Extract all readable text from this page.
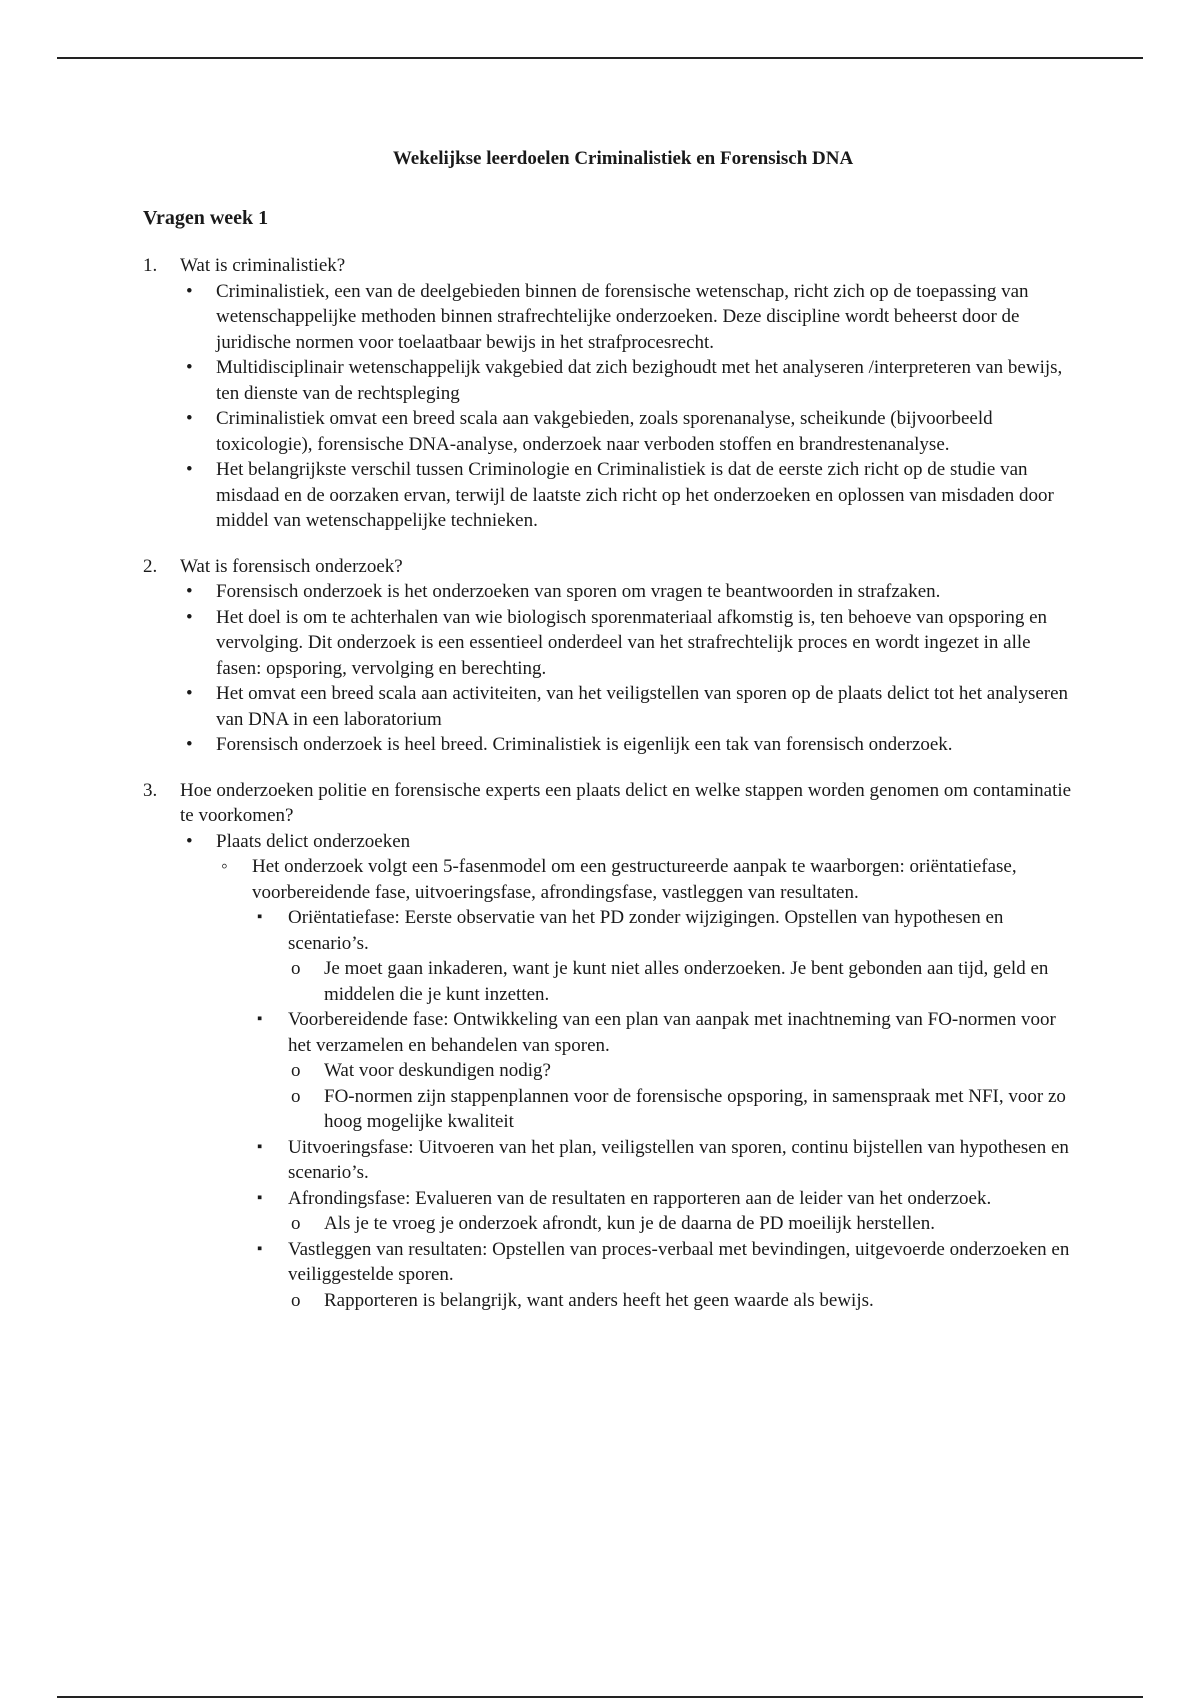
Wekelijkse leerdoelen Criminalistiek en Forensisch DNA
Vragen week 1
1. Wat is criminalistiek?
• Criminalistiek, een van de deelgebieden binnen de forensische wetenschap, richt zich op de toepassing van wetenschappelijke methoden binnen strafrechtelijke onderzoeken. Deze discipline wordt beheerst door de juridische normen voor toelaatbaar bewijs in het strafprocesrecht.
• Multidisciplinair wetenschappelijk vakgebied dat zich bezighoudt met het analyseren /interpreteren van bewijs, ten dienste van de rechtspleging
• Criminalistiek omvat een breed scala aan vakgebieden, zoals sporenanalyse, scheikunde (bijvoorbeeld toxicologie), forensische DNA-analyse, onderzoek naar verboden stoffen en brandrestenanalyse.
• Het belangrijkste verschil tussen Criminologie en Criminalistiek is dat de eerste zich richt op de studie van misdaad en de oorzaken ervan, terwijl de laatste zich richt op het onderzoeken en oplossen van misdaden door middel van wetenschappelijke technieken.
2. Wat is forensisch onderzoek?
• Forensisch onderzoek is het onderzoeken van sporen om vragen te beantwoorden in strafzaken.
• Het doel is om te achterhalen van wie biologisch sporenmateriaal afkomstig is, ten behoeve van opsporing en vervolging. Dit onderzoek is een essentieel onderdeel van het strafrechtelijk proces en wordt ingezet in alle fasen: opsporing, vervolging en berechting.
• Het omvat een breed scala aan activiteiten, van het veiligstellen van sporen op de plaats delict tot het analyseren van DNA in een laboratorium
• Forensisch onderzoek is heel breed. Criminalistiek is eigenlijk een tak van forensisch onderzoek.
3. Hoe onderzoeken politie en forensische experts een plaats delict en welke stappen worden genomen om contaminatie te voorkomen?
• Plaats delict onderzoeken
◦ Het onderzoek volgt een 5-fasenmodel om een gestructureerde aanpak te waarborgen: oriëntatiefase, voorbereidende fase, uitvoeringsfase, afrondingsfase, vastleggen van resultaten.
▪ Oriëntatiefase: Eerste observatie van het PD zonder wijzigingen. Opstellen van hypothesen en scenario’s.
o Je moet gaan inkaderen, want je kunt niet alles onderzoeken. Je bent gebonden aan tijd, geld en middelen die je kunt inzetten.
▪ Voorbereidende fase: Ontwikkeling van een plan van aanpak met inachtneming van FO-normen voor het verzamelen en behandelen van sporen.
o Wat voor deskundigen nodig?
o FO-normen zijn stappenplannen voor de forensische opsporing, in samenspraak met NFI, voor zo hoog mogelijke kwaliteit
▪ Uitvoeringsfase: Uitvoeren van het plan, veiligstellen van sporen, continu bijstellen van hypothesen en scenario’s.
▪ Afrondingsfase: Evalueren van de resultaten en rapporteren aan de leider van het onderzoek.
o Als je te vroeg je onderzoek afrondt, kun je de daarna de PD moeilijk herstellen.
▪ Vastleggen van resultaten: Opstellen van proces-verbaal met bevindingen, uitgevoerde onderzoeken en veiliggestelde sporen.
o Rapporteren is belangrijk, want anders heeft het geen waarde als bewijs.
